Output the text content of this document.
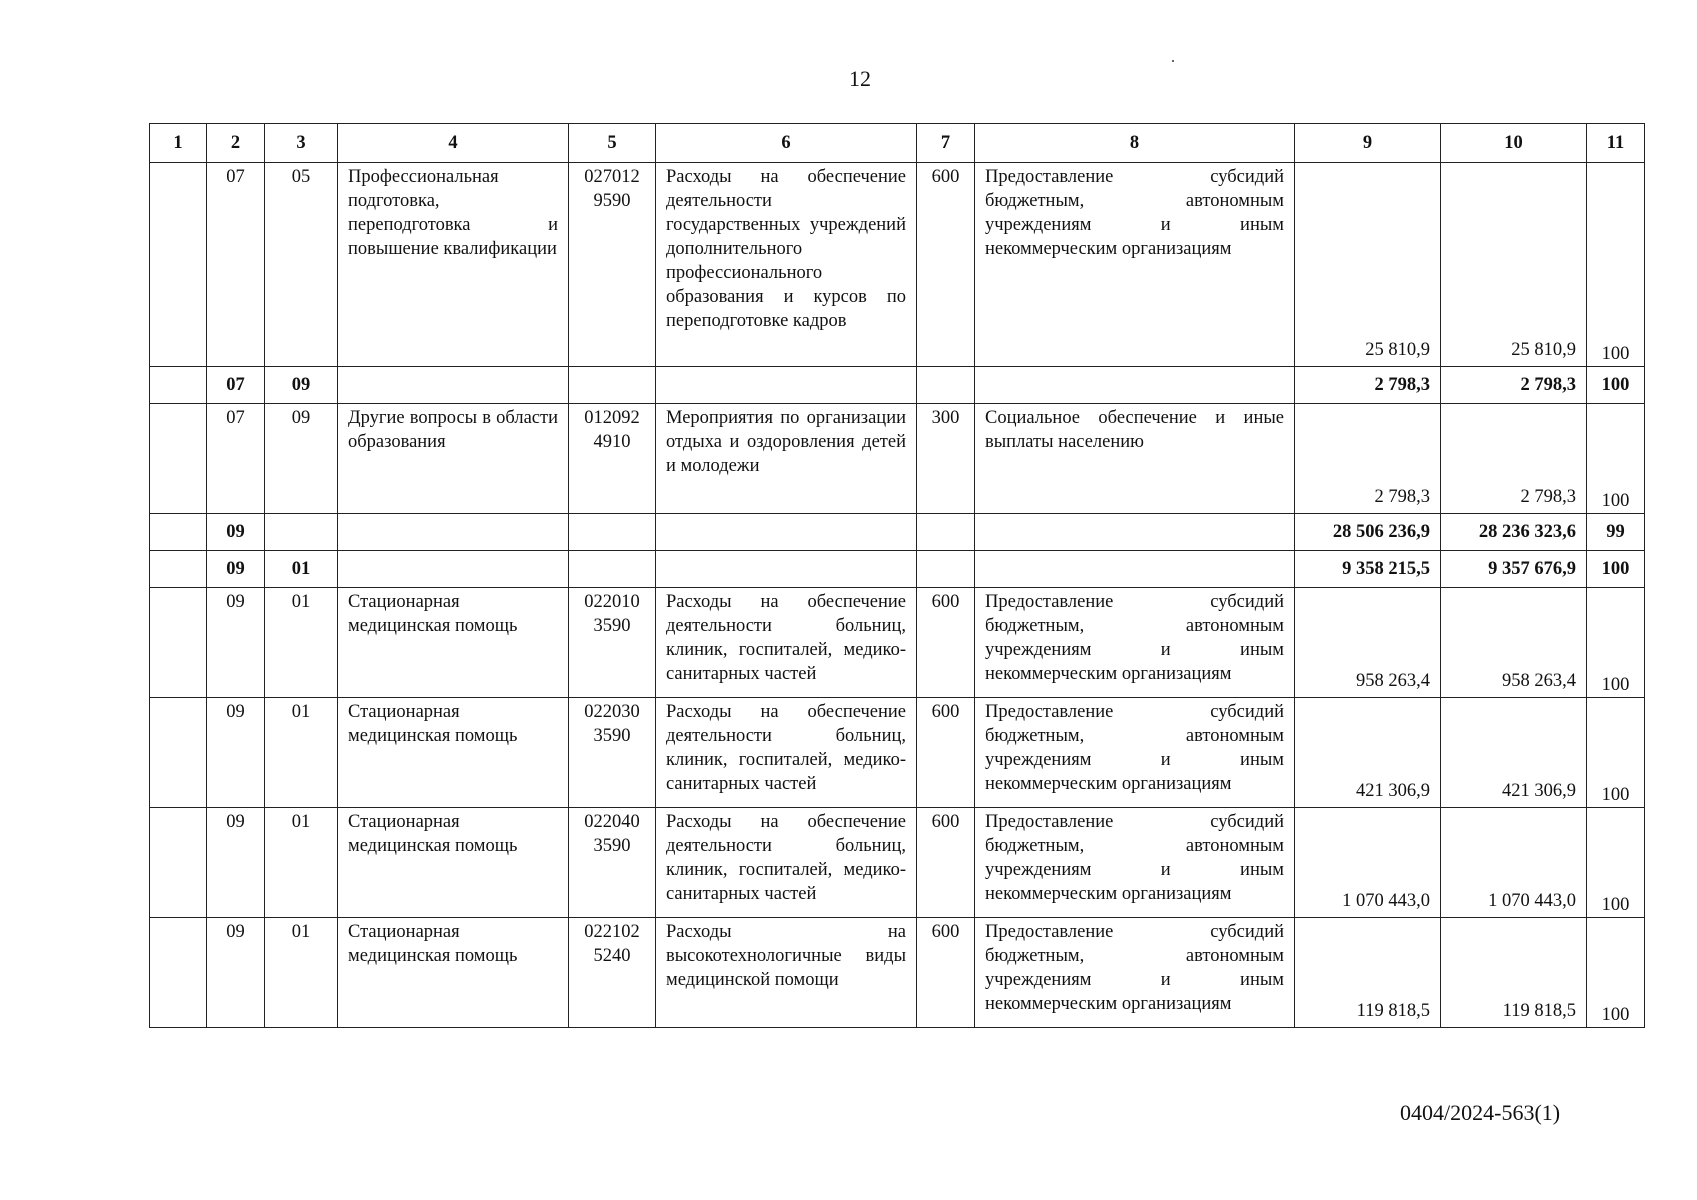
12
1	2	3	4	5	6	7	8	9	10	11
	07	05	Профессиональная подготовка, переподготовка и повышение квалификации	027012 9590	Расходы на обеспечение деятельности государственных учреждений дополнительного профессионального образования и курсов по переподготовке кадров	600	Предоставление субсидий бюджетным, автономным учреждениям и иным некоммерческим организациям	25 810,9	25 810,9	100
	07	09						2 798,3	2 798,3	100
	07	09	Другие вопросы в области образования	012092 4910	Мероприятия по организации отдыха и оздоровления детей и молодежи	300	Социальное обеспечение и иные выплаты населению	2 798,3	2 798,3	100
	09							28 506 236,9	28 236 323,6	99
	09	01						9 358 215,5	9 357 676,9	100
	09	01	Стационарная медицинская помощь	022010 3590	Расходы на обеспечение деятельности больниц, клиник, госпиталей, медико-санитарных частей	600	Предоставление субсидий бюджетным, автономным учреждениям и иным некоммерческим организациям	958 263,4	958 263,4	100
	09	01	Стационарная медицинская помощь	022030 3590	Расходы на обеспечение деятельности больниц, клиник, госпиталей, медико-санитарных частей	600	Предоставление субсидий бюджетным, автономным учреждениям и иным некоммерческим организациям	421 306,9	421 306,9	100
	09	01	Стационарная медицинская помощь	022040 3590	Расходы на обеспечение деятельности больниц, клиник, госпиталей, медико-санитарных частей	600	Предоставление субсидий бюджетным, автономным учреждениям и иным некоммерческим организациям	1 070 443,0	1 070 443,0	100
	09	01	Стационарная медицинская помощь	022102 5240	Расходы на высокотехнологичные виды медицинской помощи	600	Предоставление субсидий бюджетным, автономным учреждениям и иным некоммерческим организациям	119 818,5	119 818,5	100
0404/2024-563(1)
